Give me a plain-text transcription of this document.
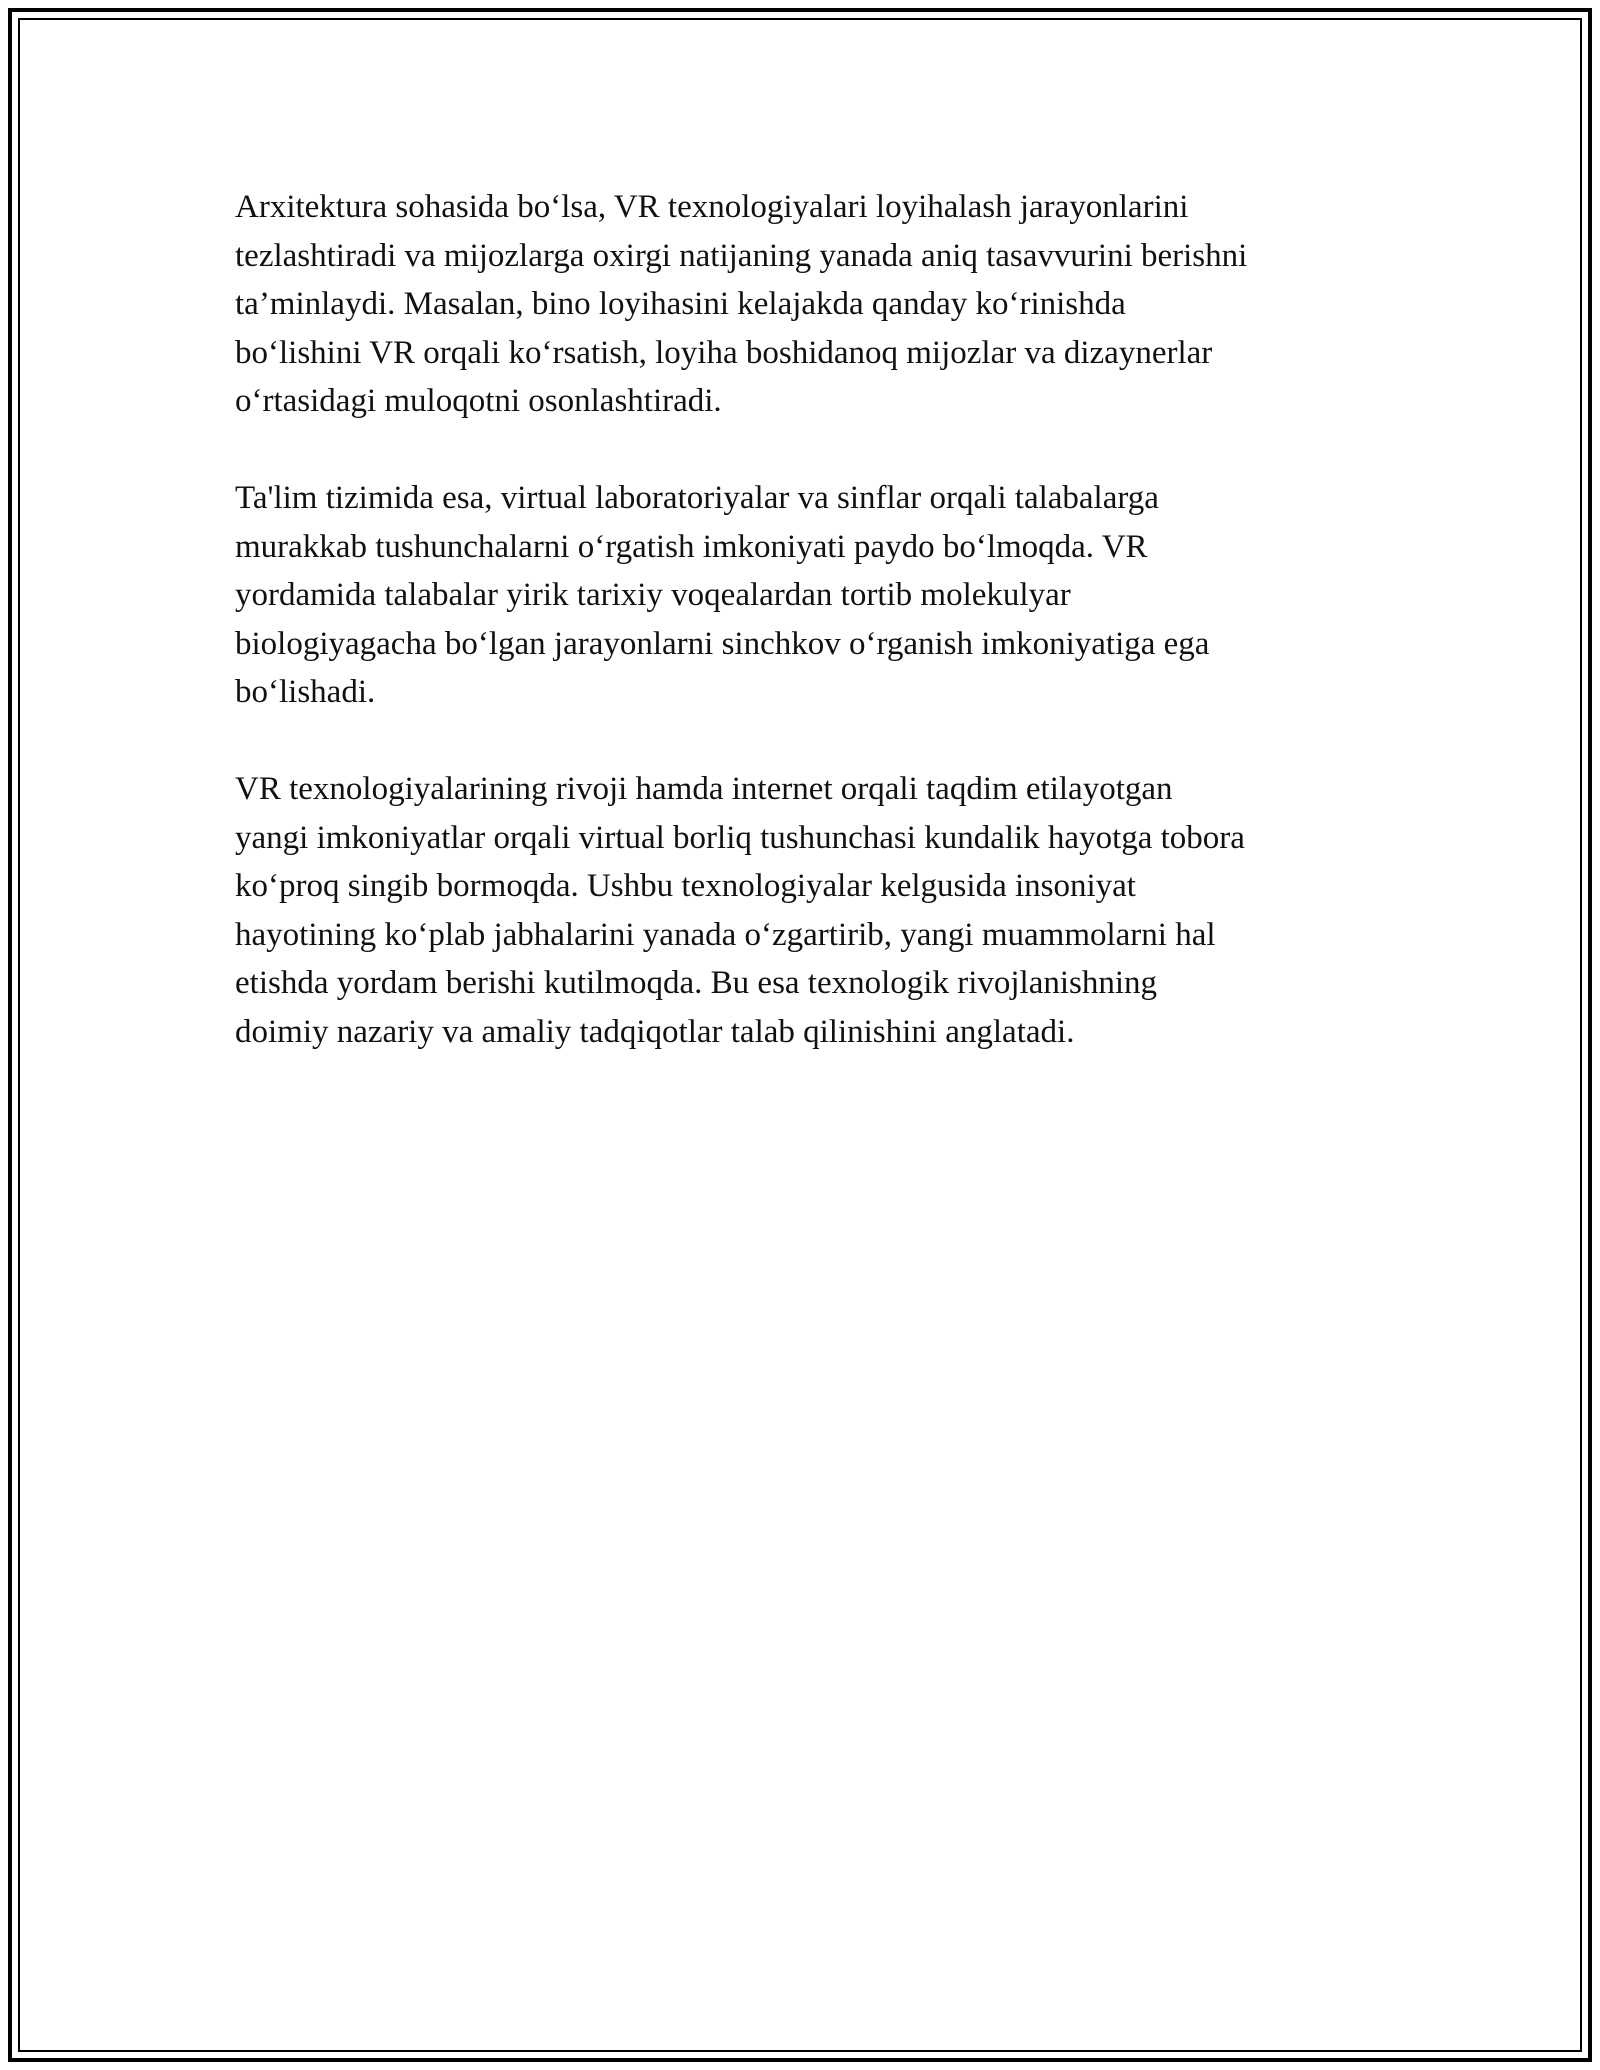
Arxitektura sohasida bo‘lsa, VR texnologiyalari loyihalash jarayonlarini
tezlashtiradi va mijozlarga oxirgi natijaning yanada aniq tasavvurini berishni
ta’minlaydi. Masalan, bino loyihasini kelajakda qanday ko‘rinishda
bo‘lishini VR orqali ko‘rsatish, loyiha boshidanoq mijozlar va dizaynerlar
o‘rtasidagi muloqotni osonlashtiradi.

Ta'lim tizimida esa, virtual laboratoriyalar va sinflar orqali talabalarga
murakkab tushunchalarni o‘rgatish imkoniyati paydo bo‘lmoqda. VR
yordamida talabalar yirik tarixiy voqealardan tortib molekulyar
biologiyagacha bo‘lgan jarayonlarni sinchkov o‘rganish imkoniyatiga ega
bo‘lishadi.

VR texnologiyalarining rivoji hamda internet orqali taqdim etilayotgan
yangi imkoniyatlar orqali virtual borliq tushunchasi kundalik hayotga tobora
ko‘proq singib bormoqda. Ushbu texnologiyalar kelgusida insoniyat
hayotining ko‘plab jabhalarini yanada o‘zgartirib, yangi muammolarni hal
etishda yordam berishi kutilmoqda. Bu esa texnologik rivojlanishning
doimiy nazariy va amaliy tadqiqotlar talab qilinishini anglatadi.
